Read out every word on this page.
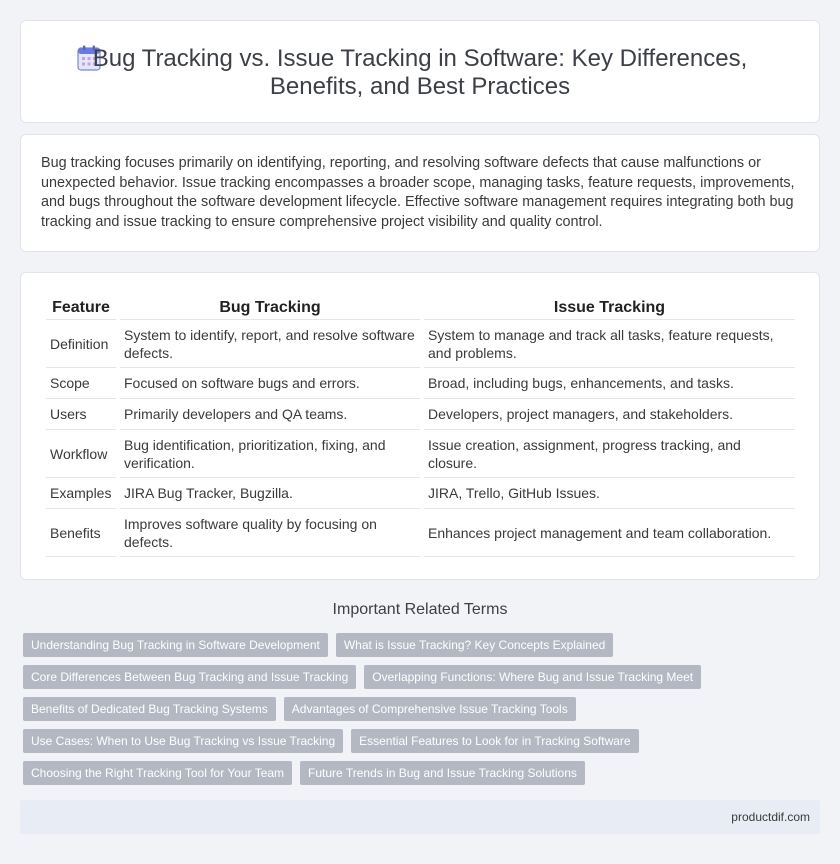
Bug Tracking vs. Issue Tracking in Software: Key Differences,
Benefits, and Best Practices

Bug tracking focuses primarily on identifying, reporting, and resolving software defects that cause malfunctions or unexpected behavior. Issue tracking encompasses a broader scope, managing tasks, feature requests, improvements, and bugs throughout the software development lifecycle. Effective software management requires integrating both bug tracking and issue tracking to ensure comprehensive project visibility and quality control.

Feature	Bug Tracking	Issue Tracking
Definition	System to identify, report, and resolve software defects.	System to manage and track all tasks, feature requests, and problems.
Scope	Focused on software bugs and errors.	Broad, including bugs, enhancements, and tasks.
Users	Primarily developers and QA teams.	Developers, project managers, and stakeholders.
Workflow	Bug identification, prioritization, fixing, and verification.	Issue creation, assignment, progress tracking, and closure.
Examples	JIRA Bug Tracker, Bugzilla.	JIRA, Trello, GitHub Issues.
Benefits	Improves software quality by focusing on defects.	Enhances project management and team collaboration.
Important Related Terms
Understanding Bug Tracking in Software Development	What is Issue Tracking? Key Concepts Explained
Core Differences Between Bug Tracking and Issue Tracking	Overlapping Functions: Where Bug and Issue Tracking Meet
Benefits of Dedicated Bug Tracking Systems	Advantages of Comprehensive Issue Tracking Tools
Use Cases: When to Use Bug Tracking vs Issue Tracking	Essential Features to Look for in Tracking Software
Choosing the Right Tracking Tool for Your Team	Future Trends in Bug and Issue Tracking Solutions
productdif.com
